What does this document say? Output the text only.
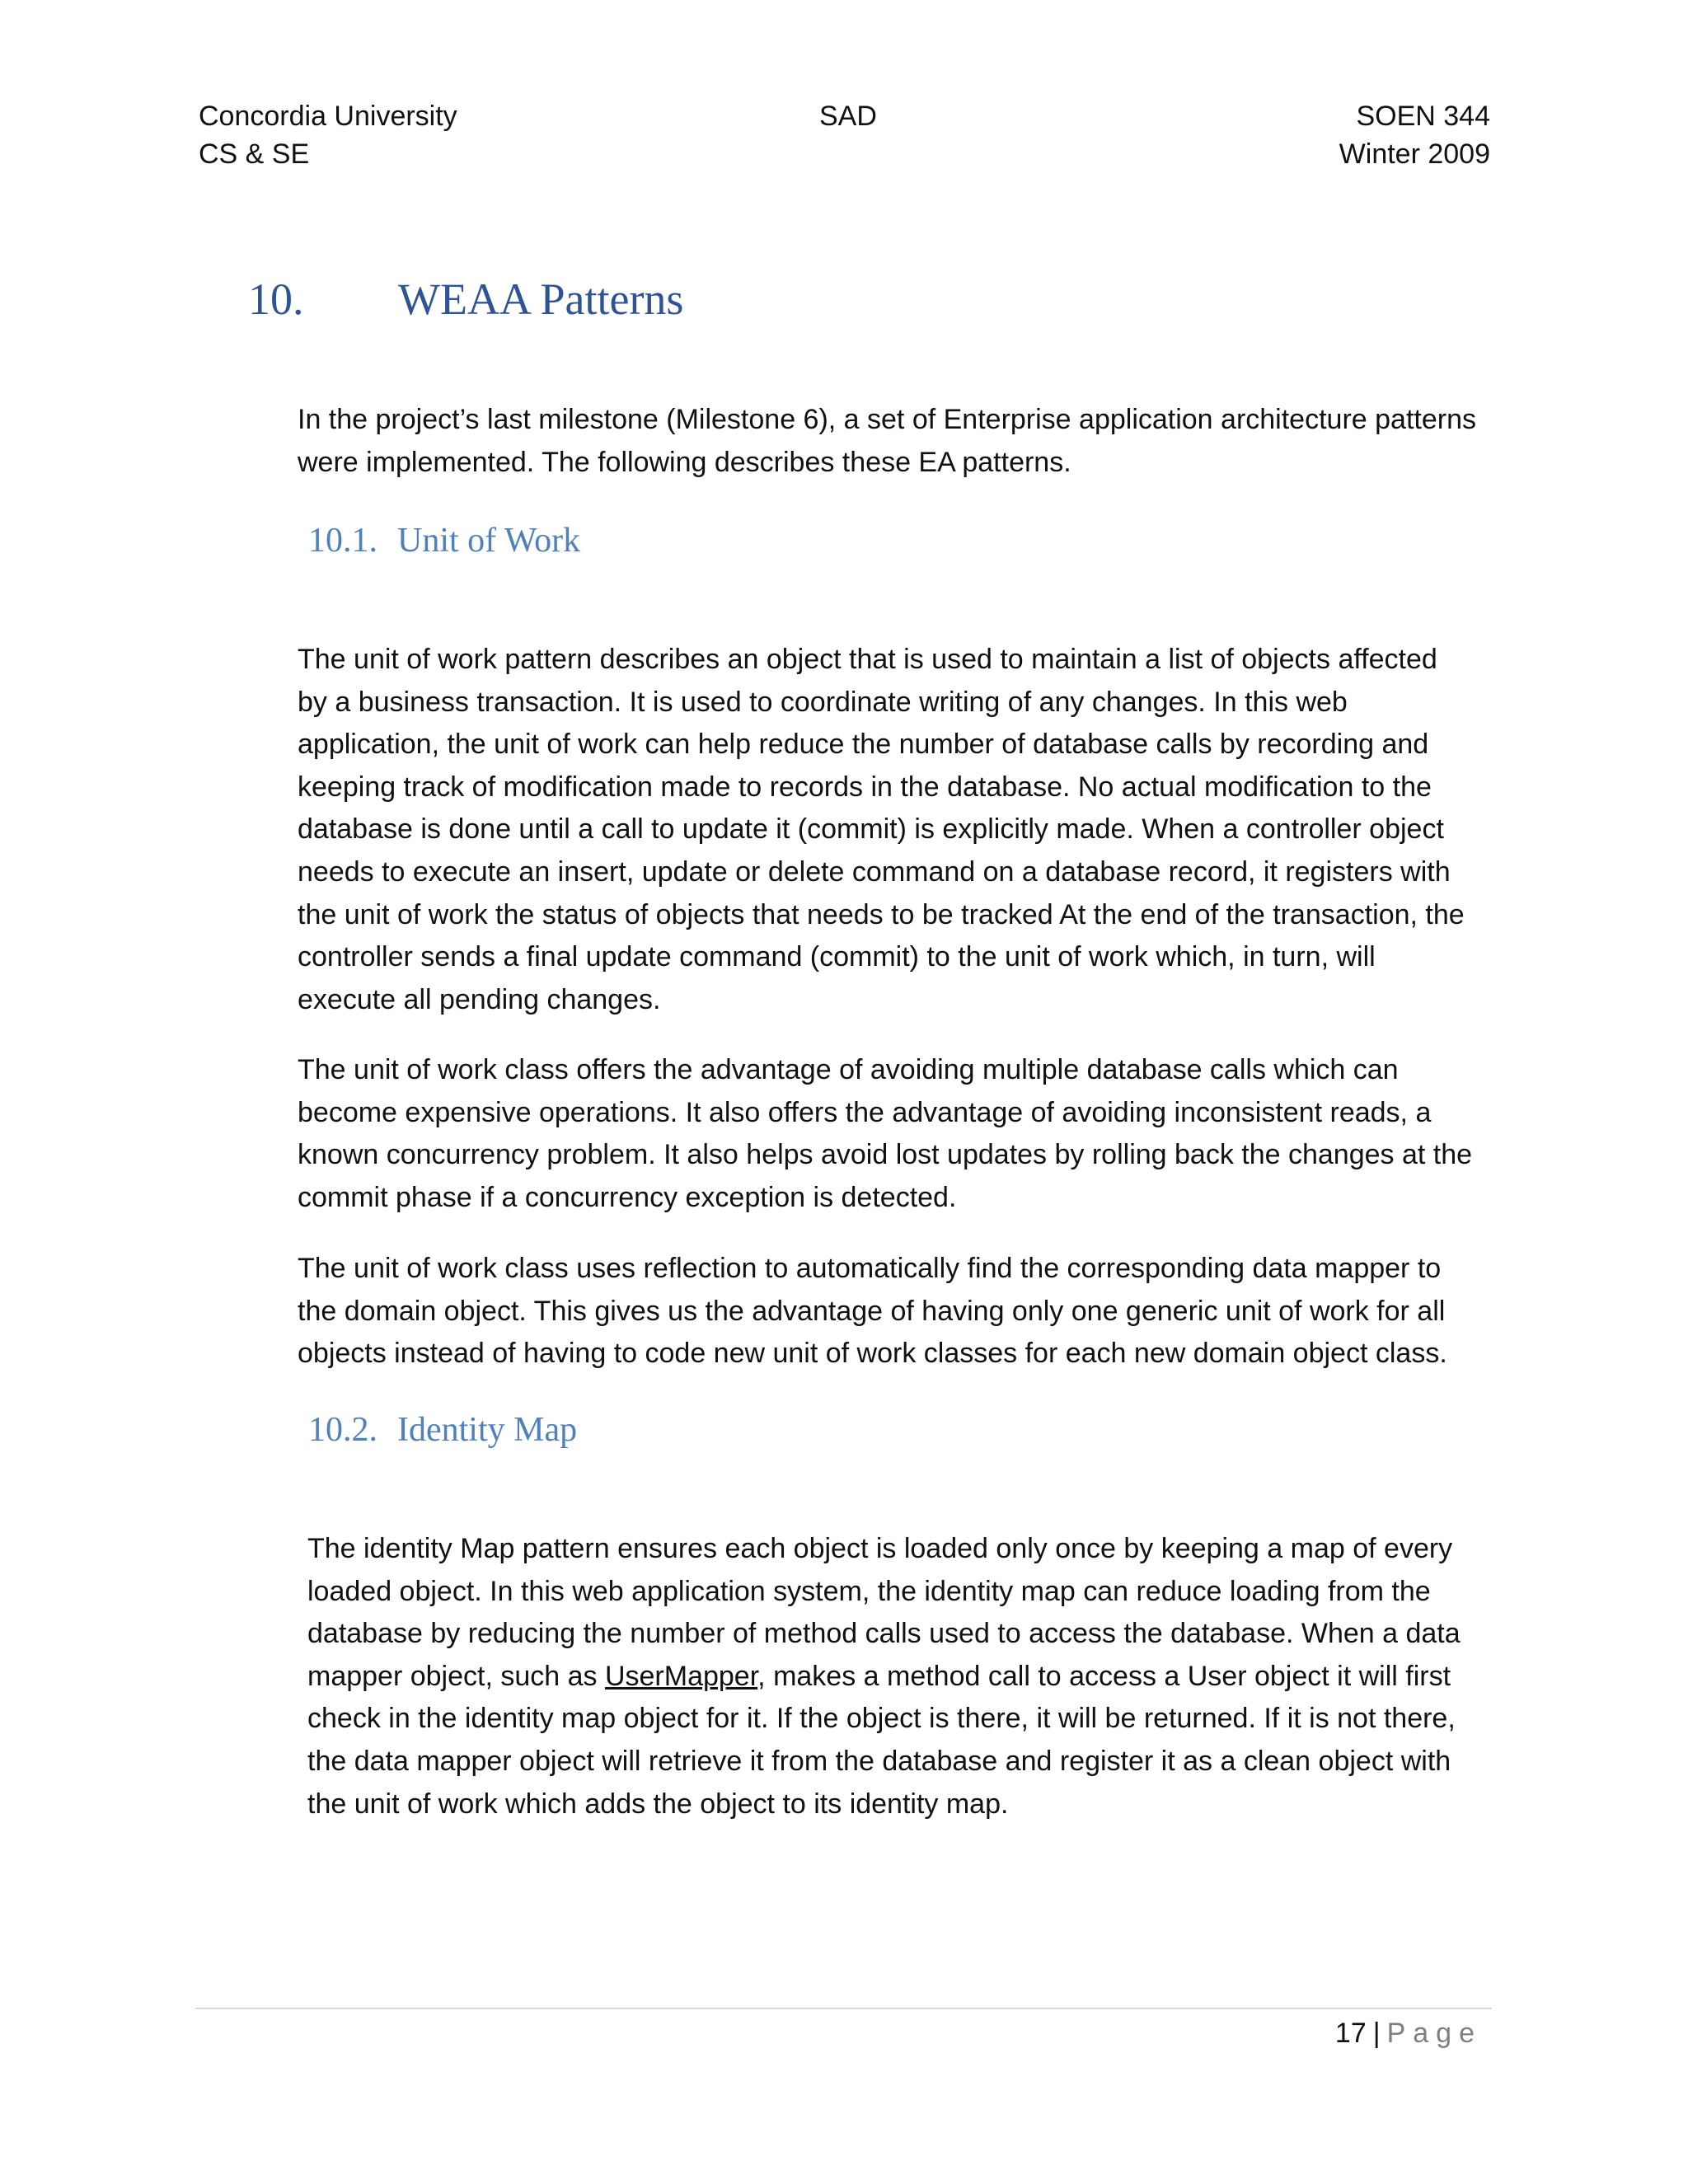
Concordia University
CS & SE
SAD	SOEN 344
Winter 2009
10. WEAA Patterns
In the project’s last milestone (Milestone 6), a set of Enterprise application architecture patterns
were implemented. The following describes these EA patterns.
10.1. Unit of Work
The unit of work pattern describes an object that is used to maintain a list of objects affected
by a business transaction. It is used to coordinate writing of any changes. In this web
application, the unit of work can help reduce the number of database calls by recording and
keeping track of modification made to records in the database. No actual modification to the
database is done until a call to update it (commit) is explicitly made. When a controller object
needs to execute an insert, update or delete command on a database record, it registers with
the unit of work the status of objects that needs to be tracked At the end of the transaction, the
controller sends a final update command (commit) to the unit of work which, in turn, will
execute all pending changes.
The unit of work class offers the advantage of avoiding multiple database calls which can
become expensive operations. It also offers the advantage of avoiding inconsistent reads, a
known concurrency problem. It also helps avoid lost updates by rolling back the changes at the
commit phase if a concurrency exception is detected.
The unit of work class uses reflection to automatically find the corresponding data mapper to
the domain object. This gives us the advantage of having only one generic unit of work for all
objects instead of having to code new unit of work classes for each new domain object class.
10.2. Identity Map
The identity Map pattern ensures each object is loaded only once by keeping a map of every
loaded object. In this web application system, the identity map can reduce loading from the
database by reducing the number of method calls used to access the database. When a data
mapper object, such as UserMapper, makes a method call to access a User object it will first
check in the identity map object for it. If the object is there, it will be returned. If it is not there,
the data mapper object will retrieve it from the database and register it as a clean object with
the unit of work which adds the object to its identity map.
17 | Page
